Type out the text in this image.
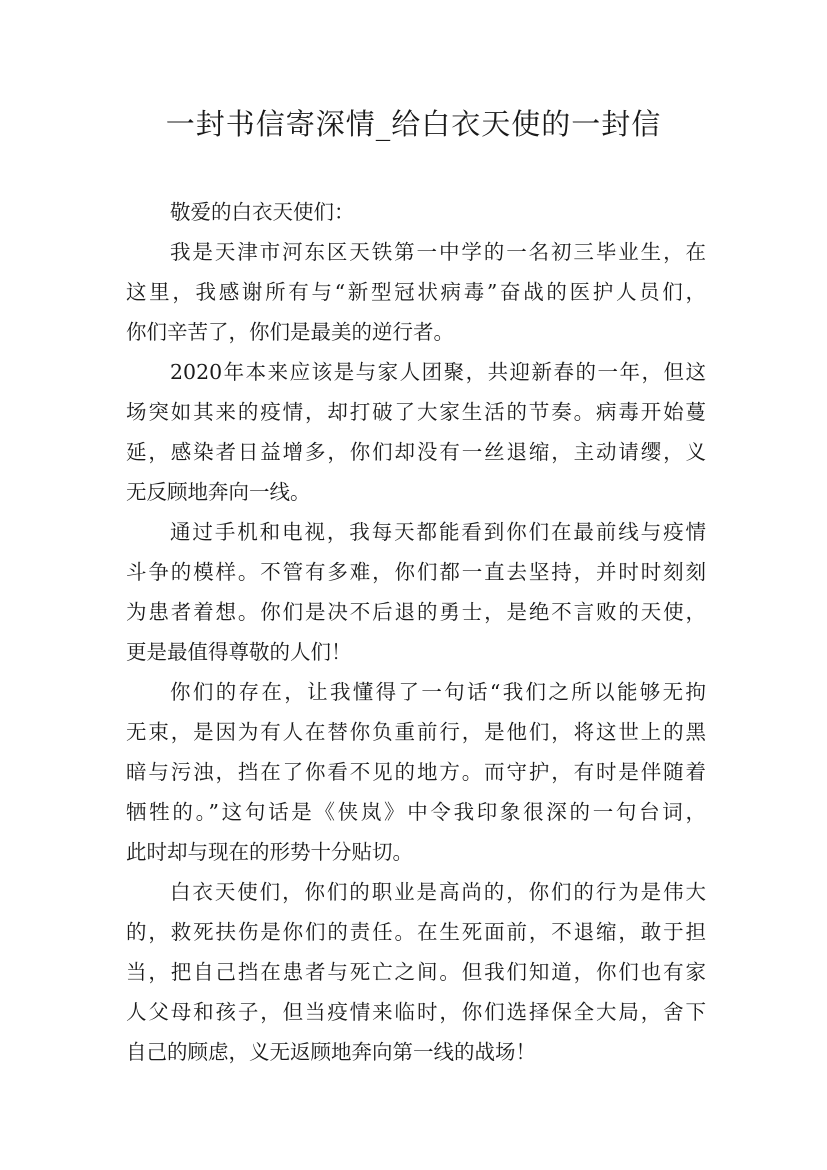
一封书信寄深情_给白衣天使的一封信

敬爱的白衣天使们：

我是天津市河东区天铁第一中学的一名初三毕业生，在

这里，我感谢所有与“新型冠状病毒”奋战的医护人员们，

你们辛苦了，你们是最美的逆行者。

2020年本来应该是与家人团聚，共迎新春的一年，但这

场突如其来的疫情，却打破了大家生活的节奏。病毒开始蔓

延，感染者日益增多，你们却没有一丝退缩，主动请缨，义

无反顾地奔向一线。

通过手机和电视，我每天都能看到你们在最前线与疫情

斗争的模样。不管有多难，你们都一直去坚持，并时时刻刻

为患者着想。你们是决不后退的勇士，是绝不言败的天使，

更是最值得尊敬的人们！

你们的存在，让我懂得了一句话“我们之所以能够无拘

无束，是因为有人在替你负重前行，是他们，将这世上的黑

暗与污浊，挡在了你看不见的地方。而守护，有时是伴随着

牺牲的。”这句话是《侠岚》中令我印象很深的一句台词，

此时却与现在的形势十分贴切。

白衣天使们，你们的职业是高尚的，你们的行为是伟大

的，救死扶伤是你们的责任。在生死面前，不退缩，敢于担

当，把自己挡在患者与死亡之间。但我们知道，你们也有家

人父母和孩子，但当疫情来临时，你们选择保全大局，舍下

自己的顾虑，义无返顾地奔向第一线的战场！
